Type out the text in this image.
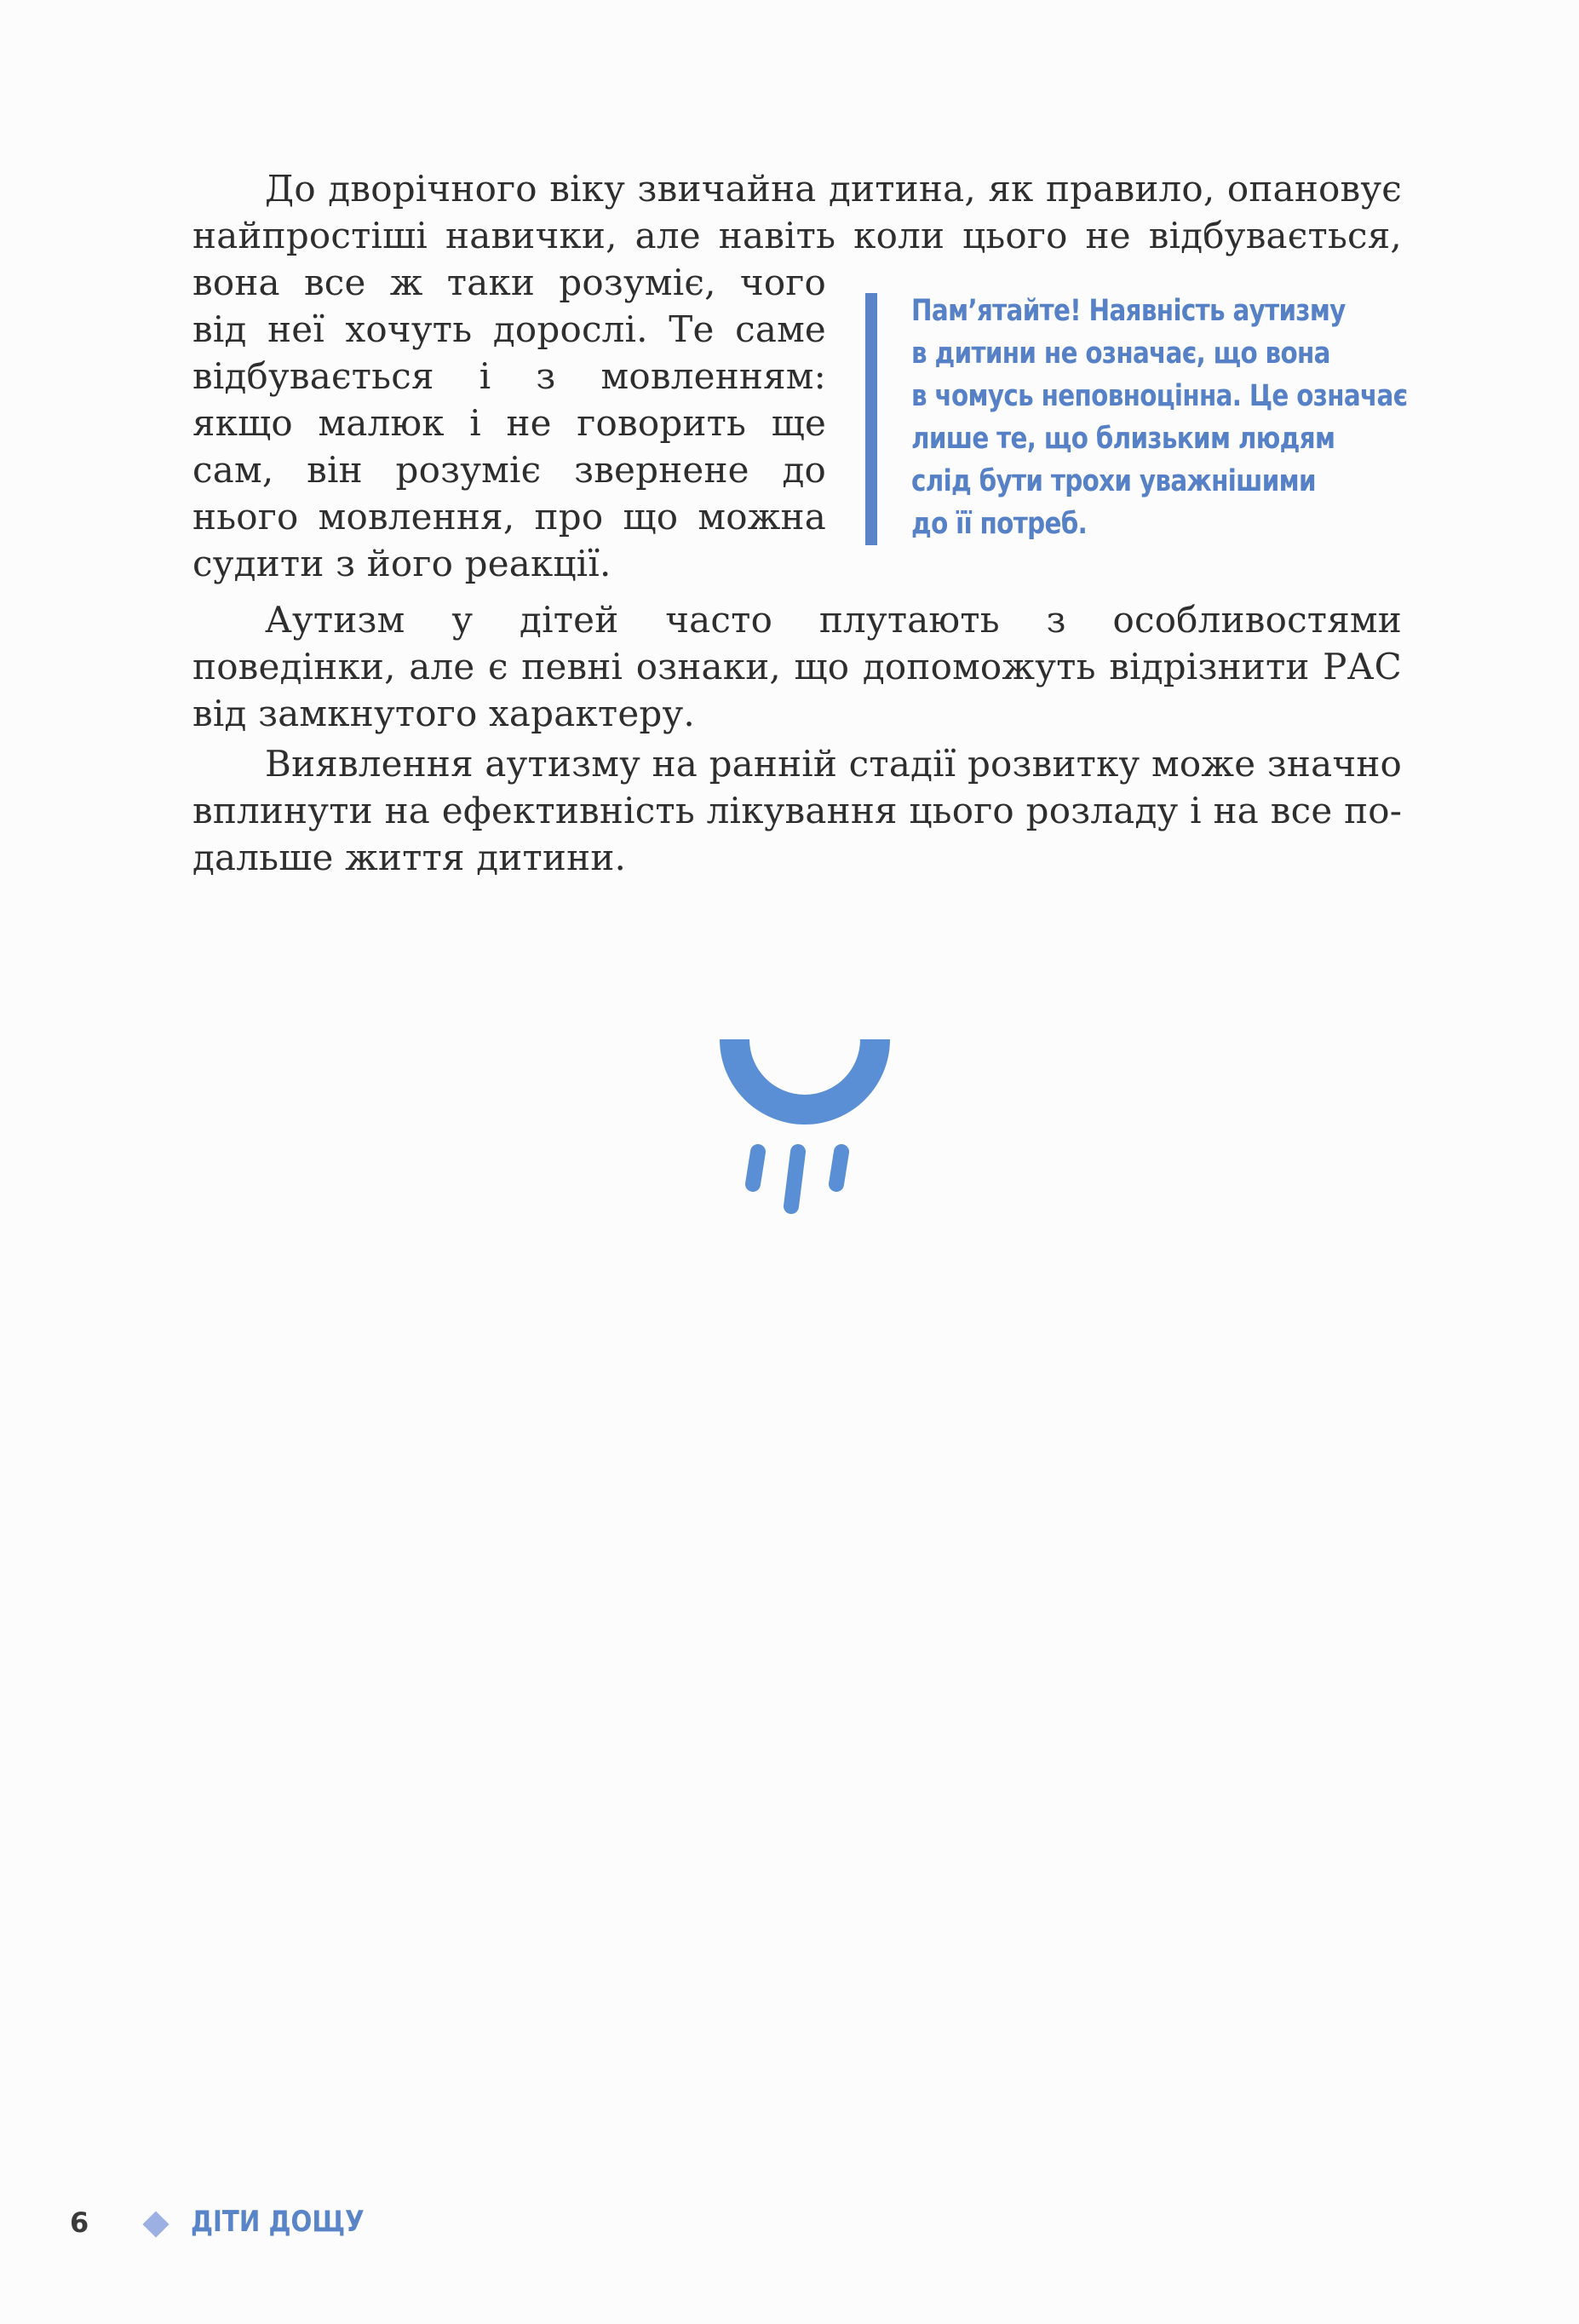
До дворічного віку звичайна дитина, як правило, опановує
найпростіші навички, але навіть коли цього не відбувається,
вона все ж таки розуміє, чого від неї хочуть дорослі. Те саме відбувається і з мовленням: якщо малюк і не говорить ще сам, він розуміє звернене до нього мовлення, про що можна судити з його реакції.
Пам’ятайте! Наявність аутизму
в дитини не означає, що вона
в чомусь неповноцінна. Це означає
лише те, що близьким людям
слід бути трохи уважнішими
до її потреб.
Аутизм у дітей часто плутають з особливостями поведінки, але є певні ознаки, що допоможуть відрізнити РАС від замкнутого характеру.
Виявлення аутизму на ранній стадії розвитку може значно вплинути на ефективність лікування цього розладу і на все подальше життя дитини.
6	ДІТИ ДОЩУ
